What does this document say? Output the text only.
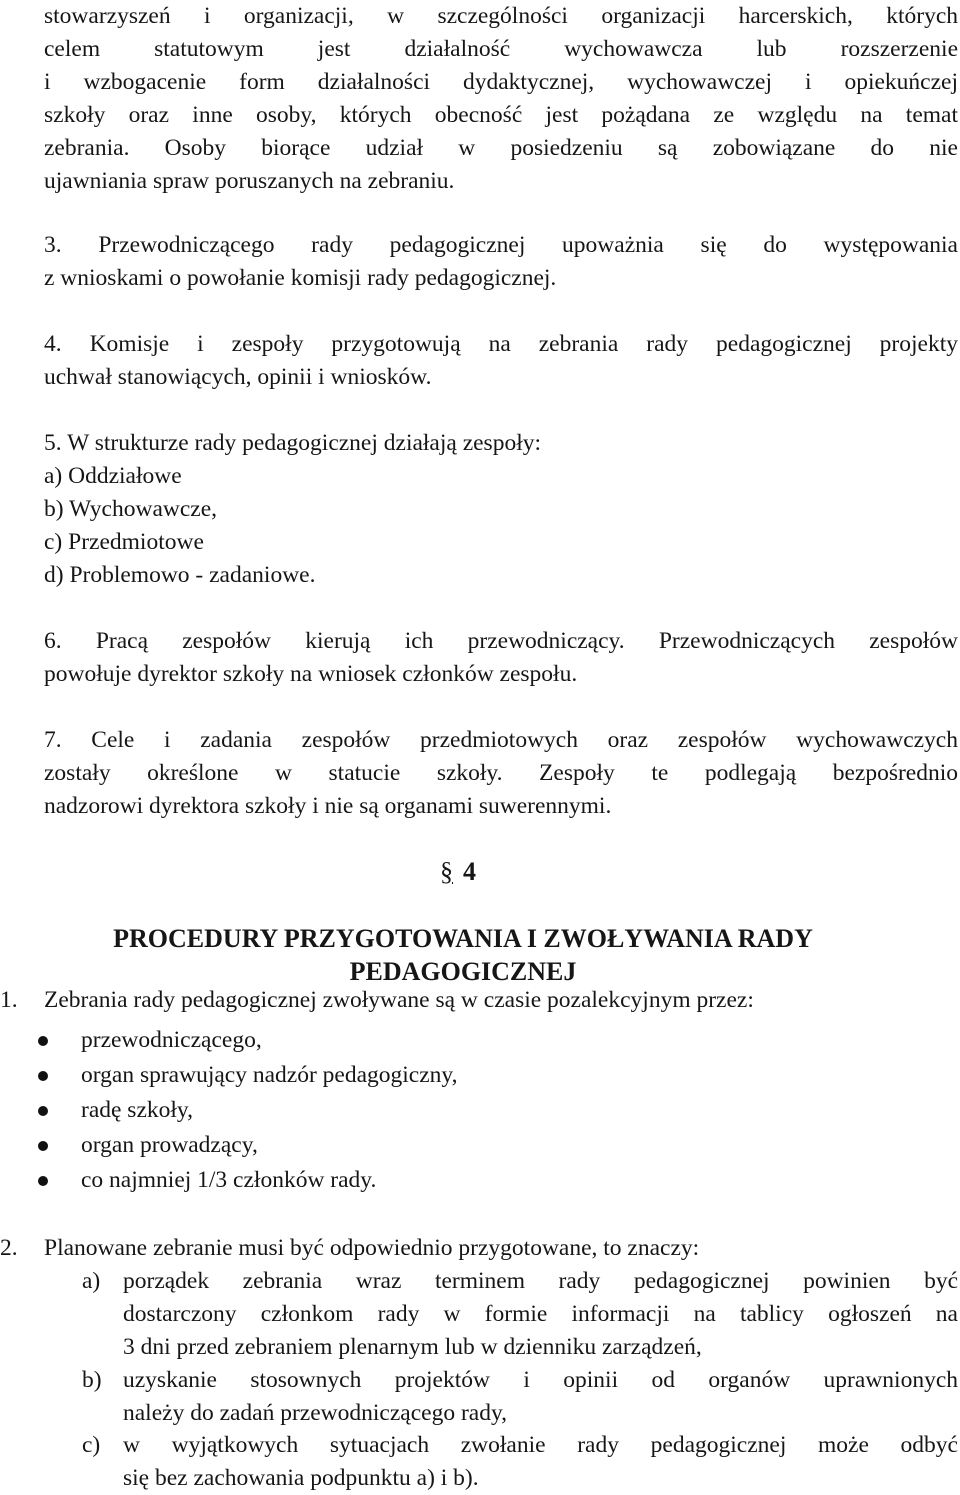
stowarzyszeń i organizacji, w szczególności organizacji harcerskich, których
celem statutowym jest działalność wychowawcza lub rozszerzenie
i wzbogacenie form działalności dydaktycznej, wychowawczej i opiekuńczej
szkoły oraz inne osoby, których obecność jest pożądana ze względu na temat
zebrania. Osoby biorące udział w posiedzeniu są zobowiązane do nie
ujawniania spraw poruszanych na zebraniu.
3. Przewodniczącego rady pedagogicznej upoważnia się do występowania
z wnioskami o powołanie komisji rady pedagogicznej.
4. Komisje i zespoły przygotowują na zebrania rady pedagogicznej projekty
uchwał stanowiących, opinii i wniosków.
5. W strukturze rady pedagogicznej działają zespoły:
a) Oddziałowe
b) Wychowawcze,
c) Przedmiotowe
d) Problemowo - zadaniowe.
6. Pracą zespołów kierują ich przewodniczący. Przewodniczących zespołów
powołuje dyrektor szkoły na wniosek członków zespołu.
7. Cele i zadania zespołów przedmiotowych oraz zespołów wychowawczych
zostały określone w statucie szkoły. Zespoły te podlegają bezpośrednio
nadzorowi dyrektora szkoły i nie są organami suwerennymi.
§ 4
PROCEDURY PRZYGOTOWANIA I ZWOŁYWANIA RADY
PEDAGOGICZNEJ
1. Zebrania rady pedagogicznej zwoływane są w czasie pozalekcyjnym przez:
przewodniczącego,
organ sprawujący nadzór pedagogiczny,
radę szkoły,
organ prowadzący,
co najmniej 1/3 członków rady.
2. Planowane zebranie musi być odpowiednio przygotowane, to znaczy:
a) porządek zebrania wraz terminem rady pedagogicznej powinien być
dostarczony członkom rady w formie informacji na tablicy ogłoszeń na
3 dni przed zebraniem plenarnym lub w dzienniku zarządzeń,
b) uzyskanie stosownych projektów i opinii od organów uprawnionych
należy do zadań przewodniczącego rady,
c) w wyjątkowych sytuacjach zwołanie rady pedagogicznej może odbyć
się bez zachowania podpunktu a) i b).
